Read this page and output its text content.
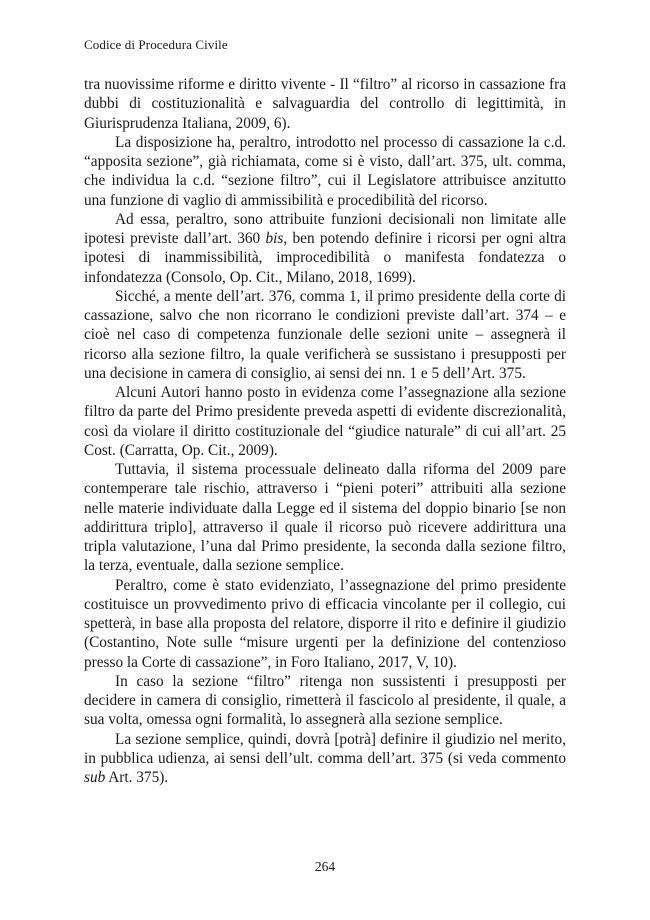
Codice di Procedura Civile

tra nuovissime riforme e diritto vivente - Il “filtro” al ricorso in cassazione fra dubbi di costituzionalità e salvaguardia del controllo di legittimità, in Giurisprudenza Italiana, 2009, 6).

La disposizione ha, peraltro, introdotto nel processo di cassazione la c.d. “apposita sezione”, già richiamata, come si è visto, dall’art. 375, ult. comma, che individua la c.d. “sezione filtro”, cui il Legislatore attribuisce anzitutto una funzione di vaglio di ammissibilità e procedibilità del ricorso.

Ad essa, peraltro, sono attribuite funzioni decisionali non limitate alle ipotesi previste dall’art. 360 bis, ben potendo definire i ricorsi per ogni altra ipotesi di inammissibilità, improcedibilità o manifesta fondatezza o infondatezza (Consolo, Op. Cit., Milano, 2018, 1699).

Sicché, a mente dell’art. 376, comma 1, il primo presidente della corte di cassazione, salvo che non ricorrano le condizioni previste dall’art. 374 – e cioè nel caso di competenza funzionale delle sezioni unite – assegnerà il ricorso alla sezione filtro, la quale verificherà se sussistano i presupposti per una decisione in camera di consiglio, ai sensi dei nn. 1 e 5 dell’Art. 375.

Alcuni Autori hanno posto in evidenza come l’assegnazione alla sezione filtro da parte del Primo presidente preveda aspetti di evidente discrezionalità, così da violare il diritto costituzionale del “giudice naturale” di cui all’art. 25 Cost. (Carratta, Op. Cit., 2009).

Tuttavia, il sistema processuale delineato dalla riforma del 2009 pare contemperare tale rischio, attraverso i “pieni poteri” attribuiti alla sezione nelle materie individuate dalla Legge ed il sistema del doppio binario [se non addirittura triplo], attraverso il quale il ricorso può ricevere addirittura una tripla valutazione, l’una dal Primo presidente, la seconda dalla sezione filtro, la terza, eventuale, dalla sezione semplice.

Peraltro, come è stato evidenziato, l’assegnazione del primo presidente costituisce un provvedimento privo di efficacia vincolante per il collegio, cui spetterà, in base alla proposta del relatore, disporre il rito e definire il giudizio (Costantino, Note sulle “misure urgenti per la definizione del contenzioso presso la Corte di cassazione”, in Foro Italiano, 2017, V, 10).

In caso la sezione “filtro” ritenga non sussistenti i presupposti per decidere in camera di consiglio, rimetterà il fascicolo al presidente, il quale, a sua volta, omessa ogni formalità, lo assegnerà alla sezione semplice.

La sezione semplice, quindi, dovrà [potrà] definire il giudizio nel merito, in pubblica udienza, ai sensi dell’ult. comma dell’art. 375 (si veda commento sub Art. 375).

264
